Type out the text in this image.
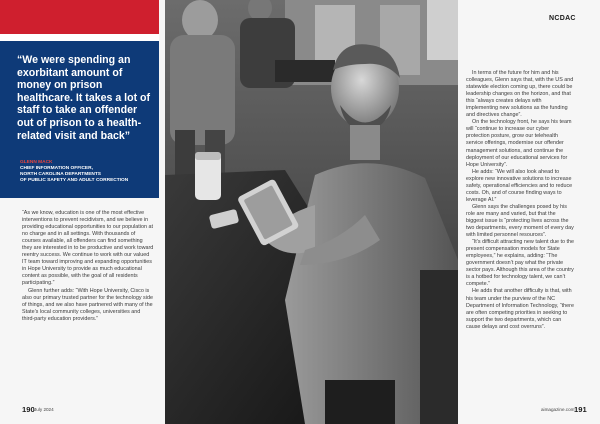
“We were spending an exorbitant amount of money on prison healthcare. It takes a lot of staff to take an offender out of prison to a health-related visit and back”

GLENN MACK

CHIEF INFORMATION OFFICER,
NORTH CAROLINA DEPARTMENTS
OF PUBLIC SAFETY AND ADULT CORRECTION

“As we know, education is one of the most effective interventions to prevent recidivism, and we believe in providing educational opportunities to our population at no charge and in all settings. With thousands of courses available, all offenders can find something they are interested in to be productive and work toward reentry success. We continue to work with our valued IT team toward improving and expanding opportunities in Hope University to provide as much educational content as possible, with the goal of all residents participating.”

Glenn further adds: “With Hope University, Cisco is also our primary trusted partner for the technology side of things, and we also have partnered with many of the State’s local community colleges, universities and third-party education providers.”

In terms of the future for him and his colleagues, Glenn says that, with the US and statewide election coming up, there could be leadership changes on the horizon, and that this “always creates delays with implementing new solutions as the funding and directives change”.

On the technology front, he says his team will “continue to increase our cyber protection posture, grow our telehealth service offerings, modernise our offender management solutions, and continue the deployment of our educational services for Hope University”.

He adds: “We will also look ahead to explore new innovative solutions to increase safety, operational efficiencies and to reduce costs. Oh, and of course finding ways to leverage AI.”

Glenn says the challenges posed by his role are many and varied, but that the biggest issue is “protecting lives across the two departments, every moment of every day with limited personnel resources”.

“It’s difficult attracting new talent due to the present compensation models for State employees,” he explains, adding: “The government doesn’t pay what the private sector pays. Although this area of the country is a hotbed for technology talent, we can’t compete.”

He adds that another difficulty is that, with his team under the purview of the NC Department of Information Technology, “there are often competing priorities in seeking to support the two departments, which can cause delays and cost overruns”.

NCDAC
190 July 2024	aimagazine.com 191
